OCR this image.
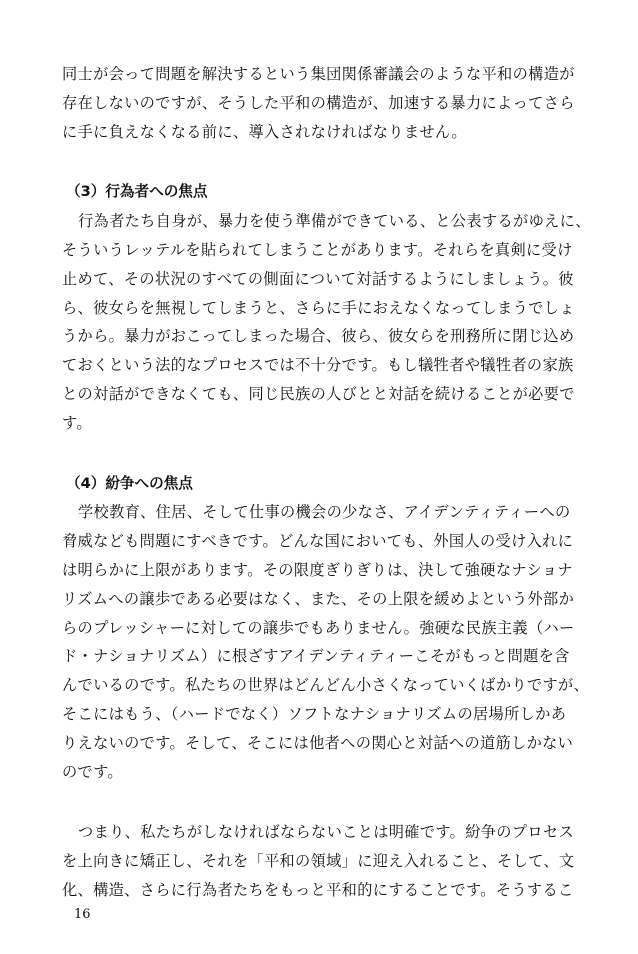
同士が会って問題を解決するという集団関係審議会のような平和の構造が
存在しないのですが、そうした平和の構造が、加速する暴力によってさら
に手に負えなくなる前に、導入されなければなりません。
（3）行為者への焦点
行為者たち自身が、暴力を使う準備ができている、と公表するがゆえに、
そういうレッテルを貼られてしまうことがあります。それらを真剣に受け
止めて、その状況のすべての側面について対話するようにしましょう。彼
ら、彼女らを無視してしまうと、さらに手におえなくなってしまうでしょ
うから。暴力がおこってしまった場合、彼ら、彼女らを刑務所に閉じ込め
ておくという法的なプロセスでは不十分です。もし犠牲者や犠牲者の家族
との対話ができなくても、同じ民族の人びとと対話を続けることが必要で
す。
（4）紛争への焦点
学校教育、住居、そして仕事の機会の少なさ、アイデンティティーへの
脅威なども問題にすべきです。どんな国においても、外国人の受け入れに
は明らかに上限があります。その限度ぎりぎりは、決して強硬なナショナ
リズムへの譲歩である必要はなく、また、その上限を緩めよという外部か
らのプレッシャーに対しての譲歩でもありません。強硬な民族主義（ハー
ド・ナショナリズム）に根ざすアイデンティティーこそがもっと問題を含
んでいるのです。私たちの世界はどんどん小さくなっていくばかりですが、
そこにはもう、（ハードでなく）ソフトなナショナリズムの居場所しかあ
りえないのです。そして、そこには他者への関心と対話への道筋しかない
のです。
つまり、私たちがしなければならないことは明確です。紛争のプロセス
を上向きに矯正し、それを「平和の領域」に迎え入れること、そして、文
化、構造、さらに行為者たちをもっと平和的にすることです。そうするこ
16
